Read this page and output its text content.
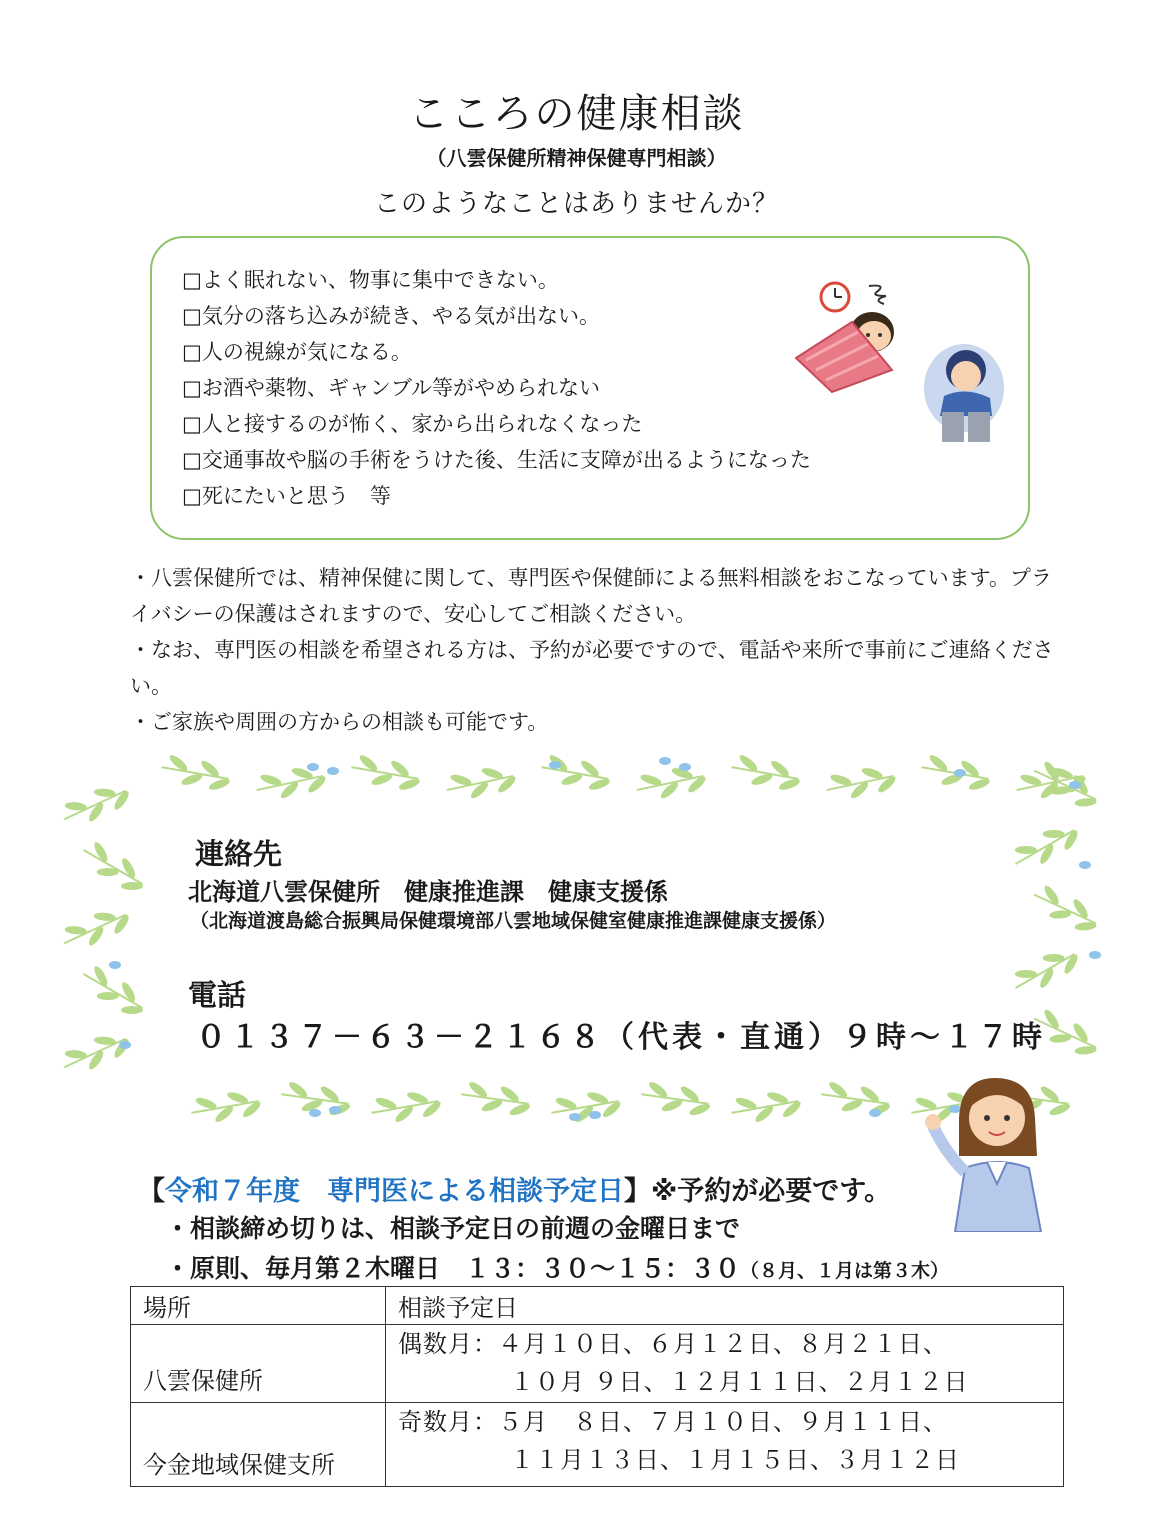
こころの健康相談
（八雲保健所精神保健専門相談）
このようなことはありませんか？
□よく眠れない、物事に集中できない。
□気分の落ち込みが続き、やる気が出ない。
□人の視線が気になる。
□お酒や薬物、ギャンブル等がやめられない
□人と接するのが怖く、家から出られなくなった
□交通事故や脳の手術をうけた後、生活に支障が出るようになった
□死にたいと思う　等

・八雲保健所では、精神保健に関して、専門医や保健師による無料相談をおこなっています。プライバシーの保護はされますので、安心してご相談ください。

・なお、専門医の相談を希望される方は、予約が必要ですので、電話や来所で事前にご連絡ください。

・ご家族や周囲の方からの相談も可能です。

連絡先
北海道八雲保健所　健康推進課　健康支援係
（北海道渡島総合振興局保健環境部八雲地域保健室健康推進課健康支援係）
電話
０１３７－６３－２１６８（代表・直通）９時～１７時
【令和７年度　専門医による相談予定日】※予約が必要です。
・相談締め切りは、相談予定日の前週の金曜日まで
・原則、毎月第２木曜日　１３：３０～１５：３０（８月、１月は第３木）
場所	相談予定日
八雲保健所	偶数月：４月１０日、６月１２日、８月２１日、
１０月 ９日、１２月１１日、２月１２日

今金地域保健支所	奇数月：５月　８日、７月１０日、９月１１日、
１１月１３日、１月１５日、３月１２日
